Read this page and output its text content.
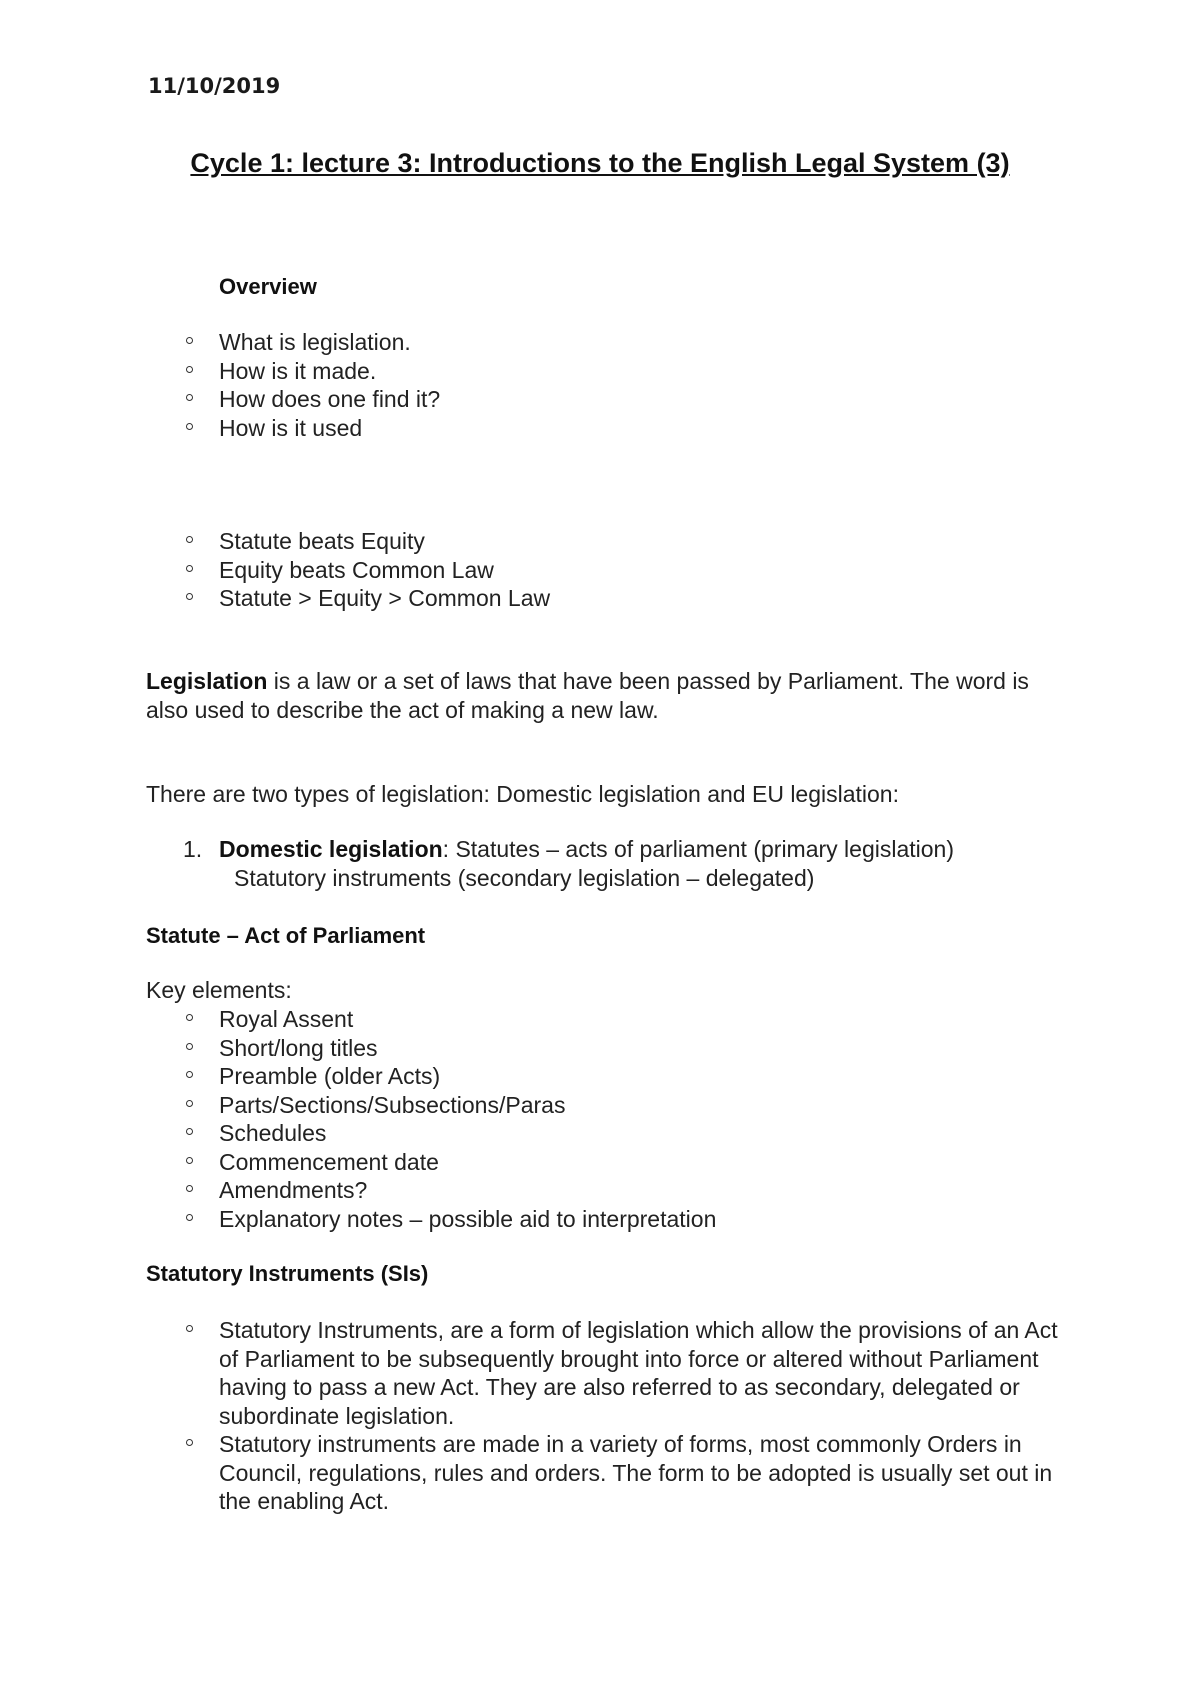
11/10/2019
Cycle 1: lecture 3: Introductions to the English Legal System (3)
Overview
What is legislation.
How is it made.
How does one find it?
How is it used
Statute beats Equity
Equity beats Common Law
Statute > Equity > Common Law

Legislation is a law or a set of laws that have been passed by Parliament. The word is also used to describe the act of making a new law.

There are two types of legislation: Domestic legislation and EU legislation:

1. Domestic legislation: Statutes – acts of parliament (primary legislation)
Statutory instruments (secondary legislation – delegated)
Statute – Act of Parliament
Key elements:
Royal Assent
Short/long titles
Preamble (older Acts)
Parts/Sections/Subsections/Paras
Schedules
Commencement date
Amendments?
Explanatory notes – possible aid to interpretation
Statutory Instruments (SIs)
Statutory Instruments, are a form of legislation which allow the provisions of an Act of Parliament to be subsequently brought into force or altered without Parliament having to pass a new Act. They are also referred to as secondary, delegated or subordinate legislation.
Statutory instruments are made in a variety of forms, most commonly Orders in Council, regulations, rules and orders. The form to be adopted is usually set out in the enabling Act.
